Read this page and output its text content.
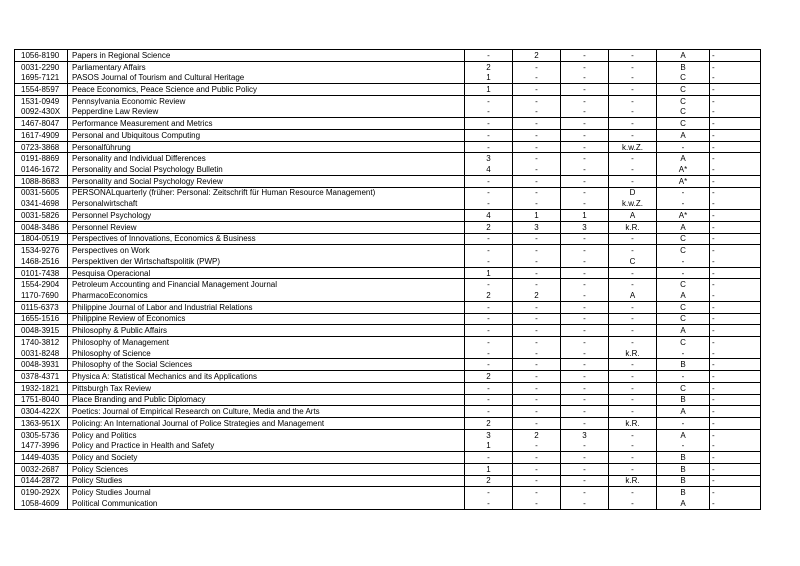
1056-8190	Papers in Regional Science	-	2	-	-	A	-
0031-2290	Parliamentary Affairs	2	-	-	-	B	-
1695-7121	PASOS Journal of Tourism and Cultural Heritage	1	-	-	-	C	-
1554-8597	Peace Economics, Peace Science and Public Policy	1	-	-	-	C	-
1531-0949	Pennsylvania Economic Review	-	-	-	-	C	-
0092-430X	Pepperdine Law Review	-	-	-	-	C	-
1467-8047	Performance Measurement and Metrics	-	-	-	-	C	-
1617-4909	Personal and Ubiquitous Computing	-	-	-	-	A	-
0723-3868	Personalführung	-	-	-	k.w.Z.	-	-
0191-8869	Personality and Individual Differences	3	-	-	-	A	-
0146-1672	Personality and Social Psychology Bulletin	4	-	-	-	A*	-
1088-8683	Personality and Social Psychology Review	-	-	-	-	A*	-
0031-5605	PERSONALquarterly (früher: Personal: Zeitschrift für Human Resource Management)	-	-	-	D	-	-
0341-4698	Personalwirtschaft	-	-	-	k.w.Z.	-	-
0031-5826	Personnel Psychology	4	1	1	A	A*	-
0048-3486	Personnel Review	2	3	3	k.R.	A	-
1804-0519	Perspectives of Innovations, Economics & Business	-	-	-	-	C	-
1534-9276	Perspectives on Work	-	-	-	-	C	-
1468-2516	Perspektiven der Wirtschaftspolitik (PWP)	-	-	-	C	-	-
0101-7438	Pesquisa Operacional	1	-	-	-	-	-
1554-2904	Petroleum Accounting and Financial Management Journal	-	-	-	-	C	-
1170-7690	PharmacoEconomics	2	2	-	A	A	-
0115-6373	Philippine Journal of Labor and Industrial Relations	-	-	-	-	C	-
1655-1516	Philippine Review of Economics	-	-	-	-	C	-
0048-3915	Philosophy & Public Affairs	-	-	-	-	A	-
1740-3812	Philosophy of Management	-	-	-	-	C	-
0031-8248	Philosophy of Science	-	-	-	k.R.	-	-
0048-3931	Philosophy of the Social Sciences	-	-	-	-	B	-
0378-4371	Physica A: Statistical Mechanics and its Applications	2	-	-	-	-	-
1932-1821	Pittsburgh Tax Review	-	-	-	-	C	-
1751-8040	Place Branding and Public Diplomacy	-	-	-	-	B	-
0304-422X	Poetics: Journal of Empirical Research on Culture, Media and the Arts	-	-	-	-	A	-
1363-951X	Policing: An International Journal of Police Strategies and Management	2	-	-	k.R.	-	-
0305-5736	Policy and Politics	3	2	3	-	A	-
1477-3996	Policy and Practice in Health and Safety	1	-	-	-	-	-
1449-4035	Policy and Society	-	-	-	-	B	-
0032-2687	Policy Sciences	1	-	-	-	B	-
0144-2872	Policy Studies	2	-	-	k.R.	B	-
0190-292X	Policy Studies Journal	-	-	-	-	B	-
1058-4609	Political Communication	-	-	-	-	A	-
